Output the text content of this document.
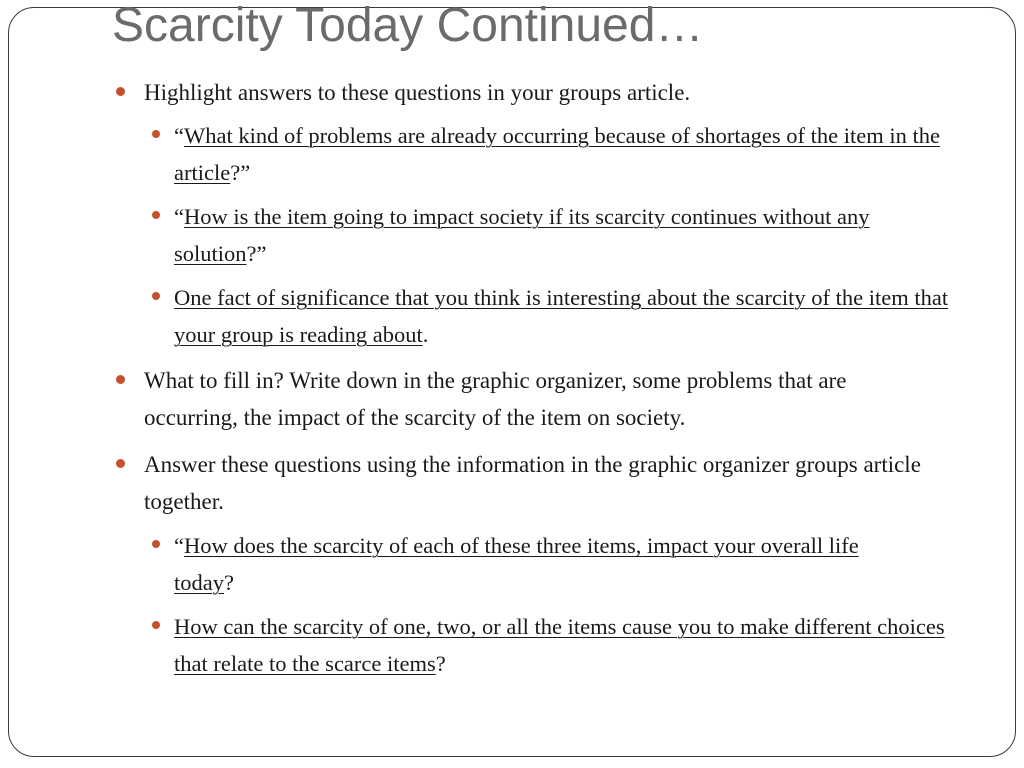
Scarcity Today Continued…

Highlight answers to these questions in your groups article.

“What kind of problems are already occurring because of shortages of the item in the article?”

“How is the item going to impact society if its scarcity continues without any solution?”

One fact of significance that you think is interesting about the scarcity of the item that your group is reading about.

What to fill in? Write down in the graphic organizer, some problems that are occurring, the impact of the scarcity of the item on society.

Answer these questions using the information in the graphic organizer groups article together.

“How does the scarcity of each of these three items, impact your overall life today?

How can the scarcity of one, two, or all the items cause you to make different choices that relate to the scarce items?
